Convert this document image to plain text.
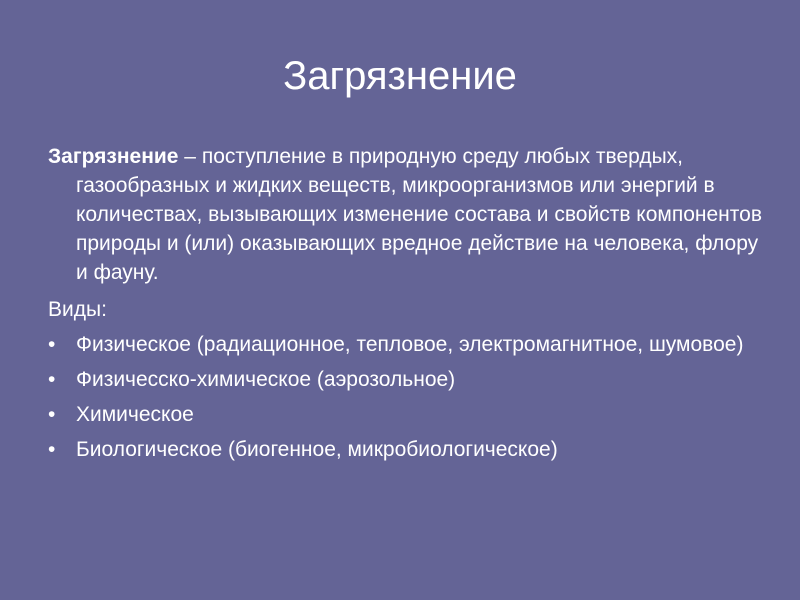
Загрязнение

Загрязнение – поступление в природную среду любых твердых, газообразных и жидких веществ, микроорганизмов или энергий в количествах, вызывающих изменение состава и свойств компонентов природы и (или) оказывающих вредное действие на человека, флору и фауну.

Виды:

• Физическое (радиационное, тепловое, электромагнитное, шумовое)
• Физичесско-химическое (аэрозольное)
• Химическое
• Биологическое (биогенное, микробиологическое)
